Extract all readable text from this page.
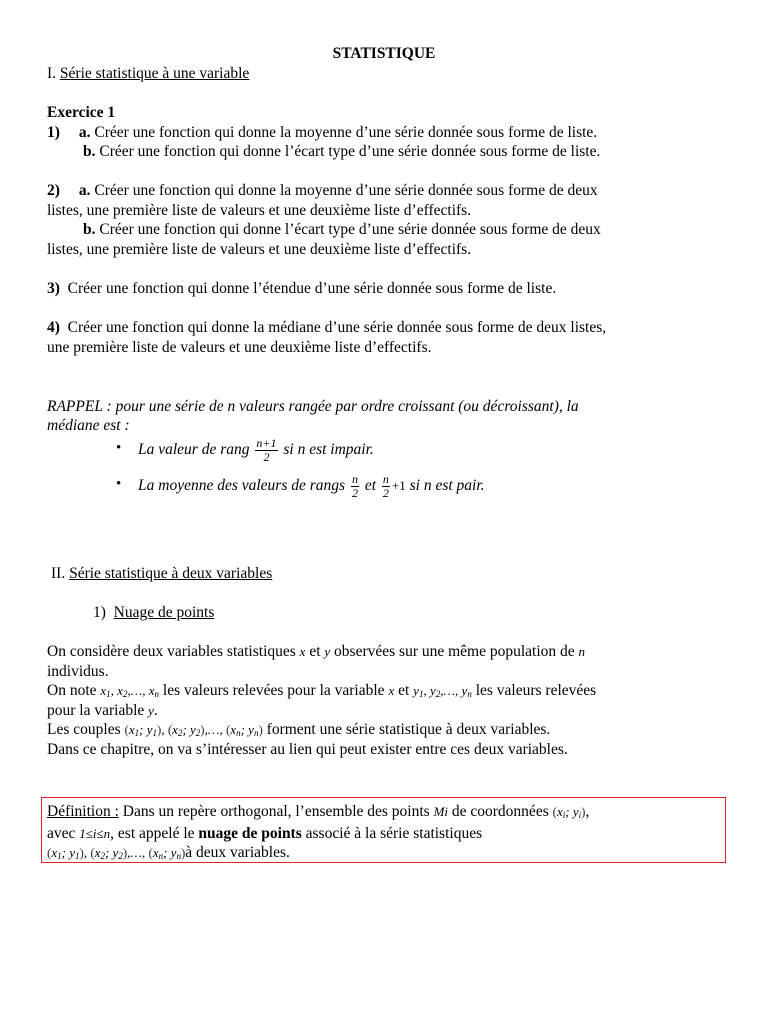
STATISTIQUE
I. Série statistique à une variable
Exercice 1
1) a. Créer une fonction qui donne la moyenne d’une série donnée sous forme de liste.
b. Créer une fonction qui donne l’écart type d’une série donnée sous forme de liste.
2) a. Créer une fonction qui donne la moyenne d’une série donnée sous forme de deux
listes, une première liste de valeurs et une deuxième liste d’effectifs.
b. Créer une fonction qui donne l’écart type d’une série donnée sous forme de deux
listes, une première liste de valeurs et une deuxième liste d’effectifs.
3) Créer une fonction qui donne l’étendue d’une série donnée sous forme de liste.
4) Créer une fonction qui donne la médiane d’une série donnée sous forme de deux listes,
une première liste de valeurs et une deuxième liste d’effectifs.
RAPPEL : pour une série de n valeurs rangée par ordre croissant (ou décroissant), la
médiane est :
• La valeur de rang $\frac{n+1}{2}$ si n est impair.
• La moyenne des valeurs de rangs $\frac{n}{2}$ et $\frac{n}{2} +1$ si n est pair.
II. Série statistique à deux variables
1) Nuage de points
On considère deux variables statistiques x et y observées sur une même population de n
individus.
On note $x_1$, $x_2,\dots$, $x_n$ les valeurs relevées pour la variable x et $y_1$, $y_2,\dots$, $y_n$ les valeurs relevées
pour la variable y.
Les couples ($x_1$; $y_1$), ($x_2$; $y_2),\dots$, ($x_n$; $y_n$) forment une série statistique à deux variables.
Dans ce chapitre, on va s’intéresser au lien qui peut exister entre ces deux variables.
Définition : Dans un repère orthogonal, l’ensemble des points Mi de coordonnées ($x_i$; $y_i$),
avec 1≤i≤n, est appelé le nuage de points associé à la série statistiques
($x_1$; $y_1$), ($x_2$; $y_2),\dots$, ($x_n$; $y_n)à$ deux variables.
